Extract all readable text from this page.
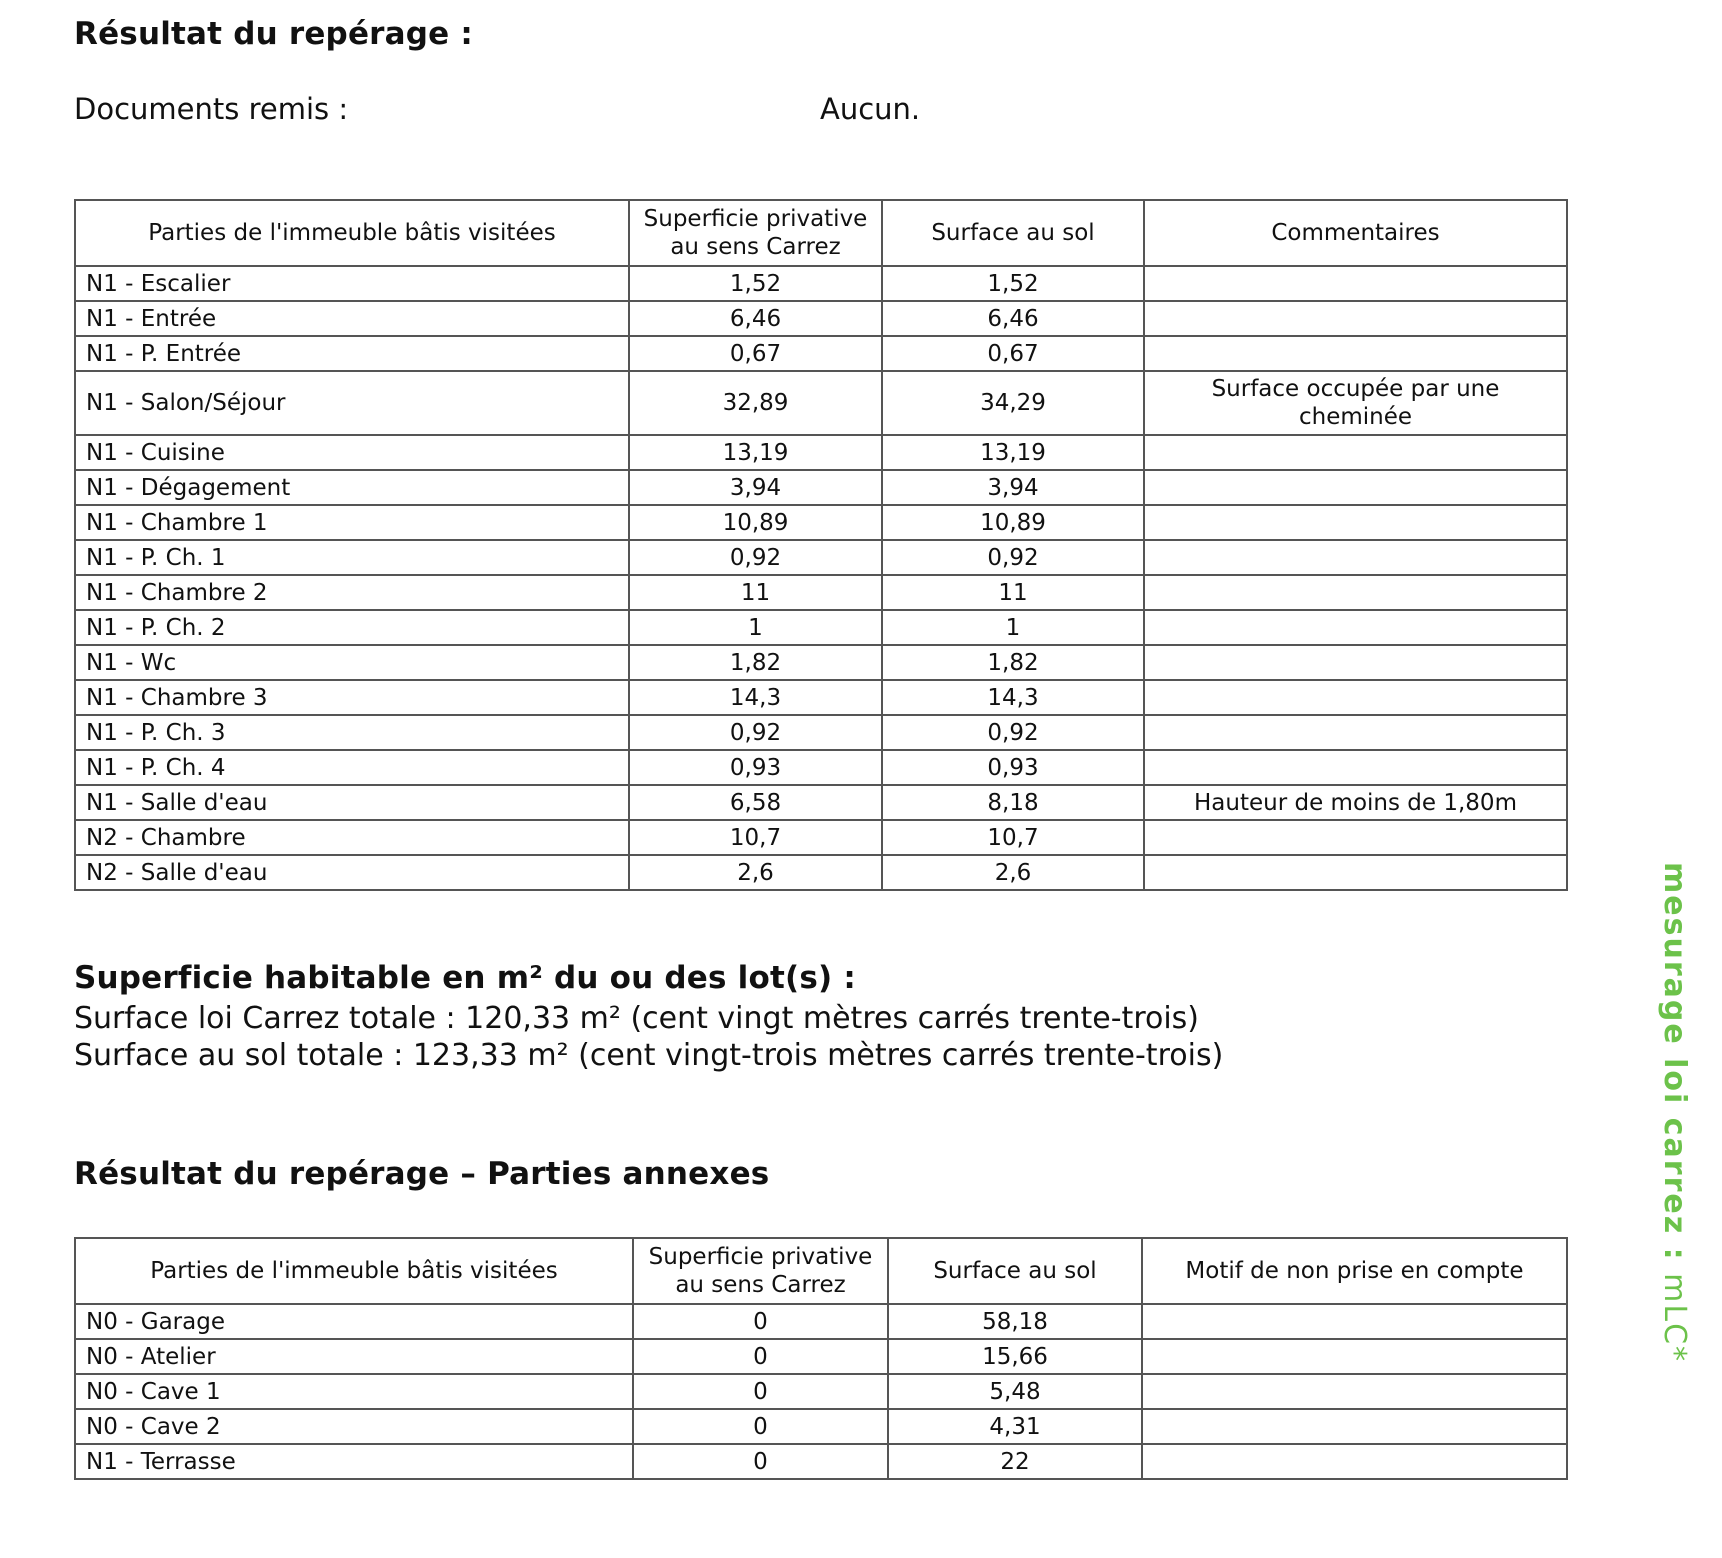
Résultat du repérage :
Documents remis :	Aucun.
Parties de l'immeuble bâtis visitées	Superficie privative au sens Carrez	Surface au sol	Commentaires
N1 - Escalier	1,52	1,52	
N1 - Entrée	6,46	6,46	
N1 - P. Entrée	0,67	0,67	
N1 - Salon/Séjour	32,89	34,29	Surface occupée par une cheminée
N1 - Cuisine	13,19	13,19	
N1 - Dégagement	3,94	3,94	
N1 - Chambre 1	10,89	10,89	
N1 - P. Ch. 1	0,92	0,92	
N1 - Chambre 2	11	11	
N1 - P. Ch. 2	1	1	
N1 - Wc	1,82	1,82	
N1 - Chambre 3	14,3	14,3	
N1 - P. Ch. 3	0,92	0,92	
N1 - P. Ch. 4	0,93	0,93	
N1 - Salle d'eau	6,58	8,18	Hauteur de moins de 1,80m
N2 - Chambre	10,7	10,7	
N2 - Salle d'eau	2,6	2,6	
Superficie habitable en m² du ou des lot(s) :
Surface loi Carrez totale : 120,33 m² (cent vingt mètres carrés trente-trois)
Surface au sol totale : 123,33 m² (cent vingt-trois mètres carrés trente-trois)
Résultat du repérage – Parties annexes
Parties de l'immeuble bâtis visitées	Superficie privative au sens Carrez	Surface au sol	Motif de non prise en compte
N0 - Garage	0	58,18	
N0 - Atelier	0	15,66	
N0 - Cave 1	0	5,48	
N0 - Cave 2	0	4,31	
N1 - Terrasse	0	22	
mesurage loi carrez : mLC*
